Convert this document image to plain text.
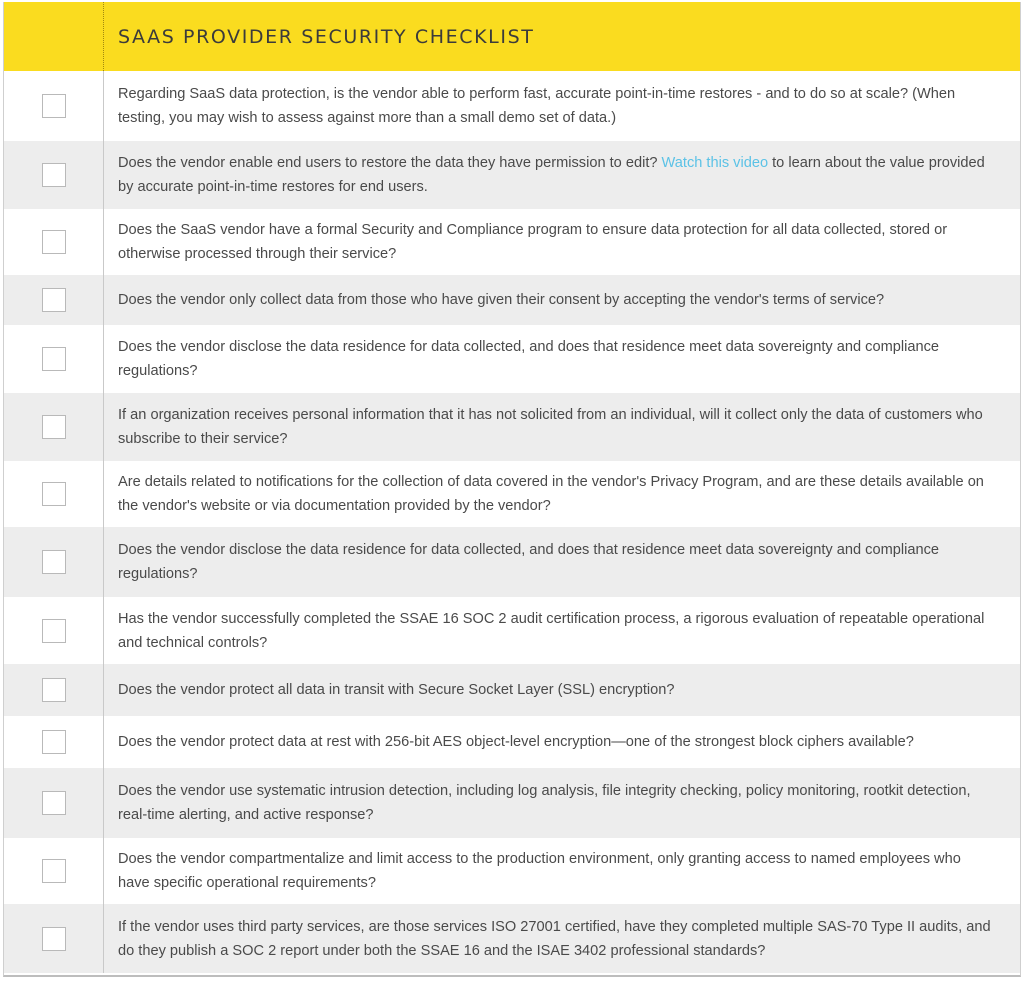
SAAS PROVIDER SECURITY CHECKLIST

Regarding SaaS data protection, is the vendor able to perform fast, accurate point-in-time restores - and to do so at scale? (When testing, you may wish to assess against more than a small demo set of data.)

Does the vendor enable end users to restore the data they have permission to edit? Watch this video to learn about the value provided by accurate point-in-time restores for end users.

Does the SaaS vendor have a formal Security and Compliance program to ensure data protection for all data collected, stored or otherwise processed through their service?

Does the vendor only collect data from those who have given their consent by accepting the vendor's terms of service?

Does the vendor disclose the data residence for data collected, and does that residence meet data sovereignty and compliance regulations?

If an organization receives personal information that it has not solicited from an individual, will it collect only the data of customers who subscribe to their service?

Are details related to notifications for the collection of data covered in the vendor's Privacy Program, and are these details available on the vendor's website or via documentation provided by the vendor?

Does the vendor disclose the data residence for data collected, and does that residence meet data sovereignty and compliance regulations?

Has the vendor successfully completed the SSAE 16 SOC 2 audit certification process, a rigorous evaluation of repeatable operational and technical controls?

Does the vendor protect all data in transit with Secure Socket Layer (SSL) encryption?

Does the vendor protect data at rest with 256-bit AES object-level encryption—one of the strongest block ciphers available?

Does the vendor use systematic intrusion detection, including log analysis, file integrity checking, policy monitoring, rootkit detection, real-time alerting, and active response?

Does the vendor compartmentalize and limit access to the production environment, only granting access to named employees who have specific operational requirements?

If the vendor uses third party services, are those services ISO 27001 certified, have they completed multiple SAS-70 Type II audits, and do they publish a SOC 2 report under both the SSAE 16 and the ISAE 3402 professional standards?
